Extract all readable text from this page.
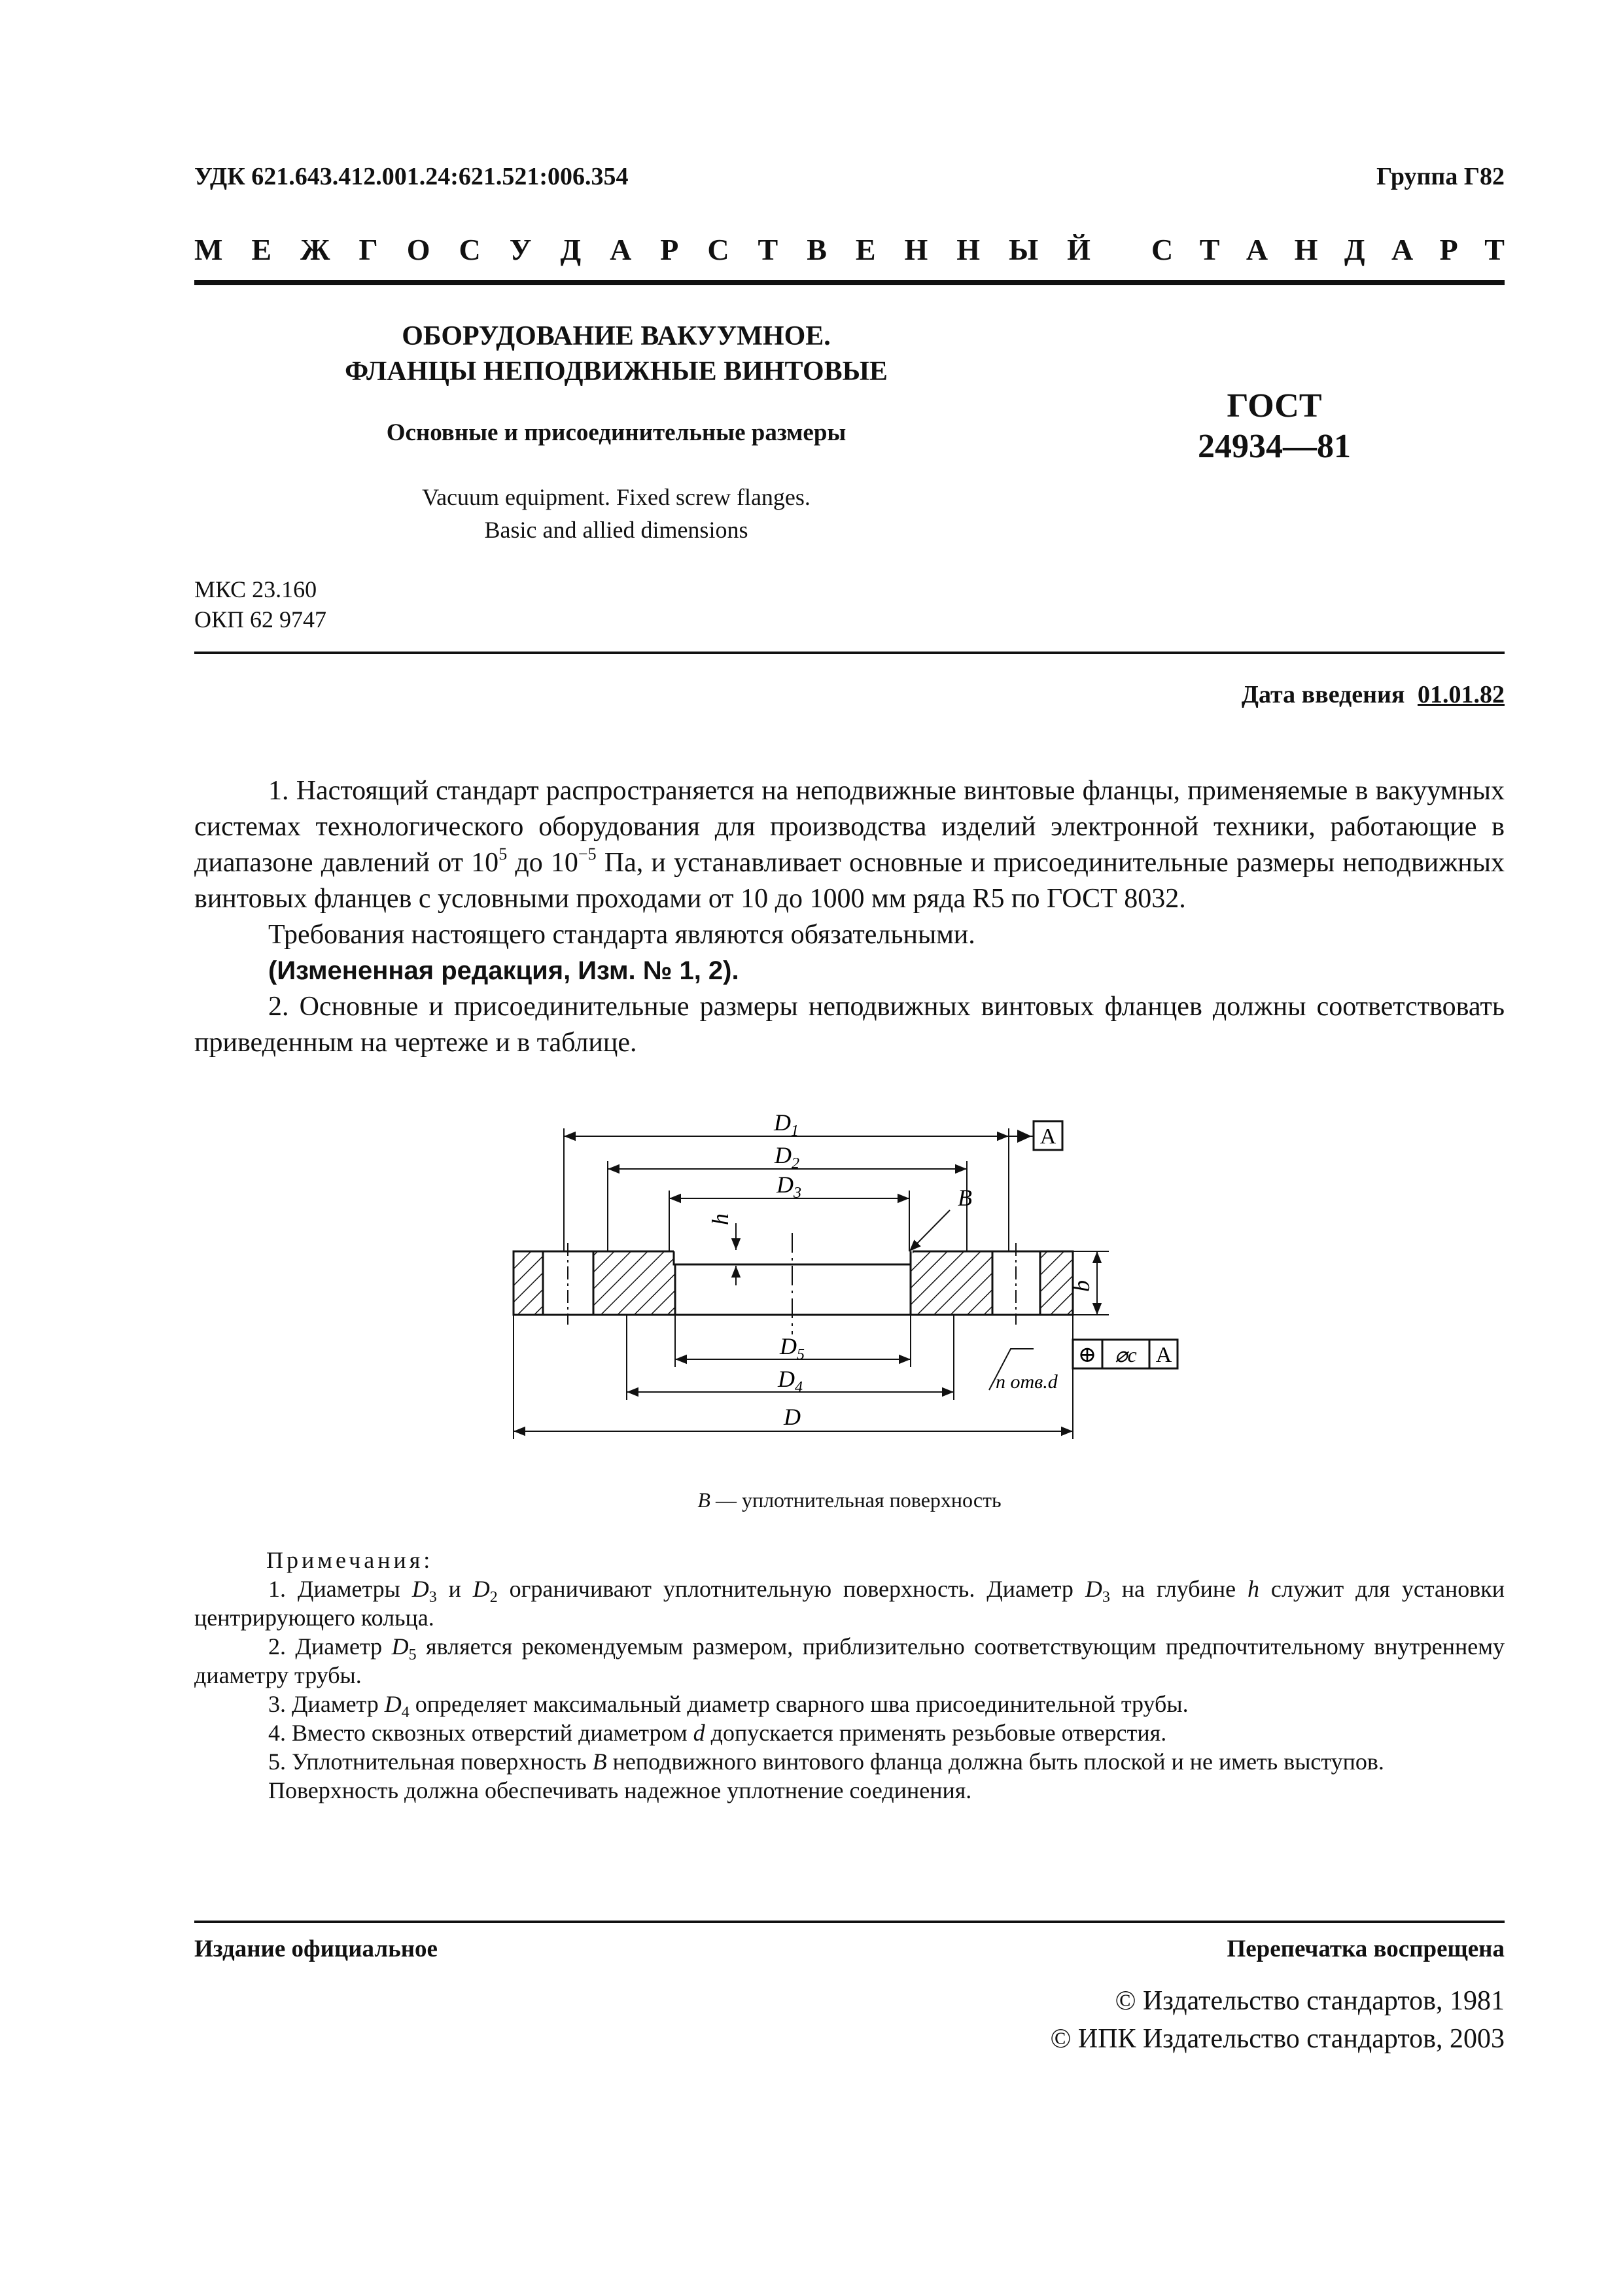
УДК 621.643.412.001.24:621.521:006.354	Группа Г82
М Е Ж Г О С У Д А Р С Т В Е Н Н Ы Й С Т А Н Д А Р Т
ОБОРУДОВАНИЕ ВАКУУМНОЕ.
ФЛАНЦЫ НЕПОДВИЖНЫЕ ВИНТОВЫЕ
Основные и присоединительные размеры
Vacuum equipment. Fixed screw flanges.
Basic and allied dimensions
ГОСТ
24934—81
МКС 23.160
ОКП 62 9747
Дата введения 01.01.82

1. Настоящий стандарт распространяется на неподвижные винтовые фланцы, применяемые в вакуумных системах технологического оборудования для производства изделий электронной техники, работающие в диапазоне давлений от $10^5$ до $10^{-5}$ Па, и устанавливает основные и присоединительные размеры неподвижных винтовых фланцев с условными проходами от 10 до 1000 мм ряда R5 по ГОСТ 8032.

Требования настоящего стандарта являются обязательными.

(Измененная редакция, Изм. № 1, 2).

2. Основные и присоединительные размеры неподвижных винтовых фланцев должны соответствовать приведенным на чертеже и в таблице.

A
⊕ ⌀c A
$D_1$
$D_2$
$D_3$
$D_5$
$D_4$
D
h
b
B
n отв.d
B — уплотнительная поверхность

Примечания:

1. Диаметры $D_3$ и $D_2$ ограничивают уплотнительную поверхность. Диаметр $D_3$ на глубине h служит для установки центрирующего кольца.

2. Диаметр $D_5$ является рекомендуемым размером, приблизительно соответствующим предпочтительному внутреннему диаметру трубы.

3. Диаметр $D_4$ определяет максимальный диаметр сварного шва присоединительной трубы.

4. Вместо сквозных отверстий диаметром d допускается применять резьбовые отверстия.

5. Уплотнительная поверхность B неподвижного винтового фланца должна быть плоской и не иметь выступов.

Поверхность должна обеспечивать надежное уплотнение соединения.

Издание официальное	Перепечатка воспрещена
© Издательство стандартов, 1981
© ИПК Издательство стандартов, 2003
